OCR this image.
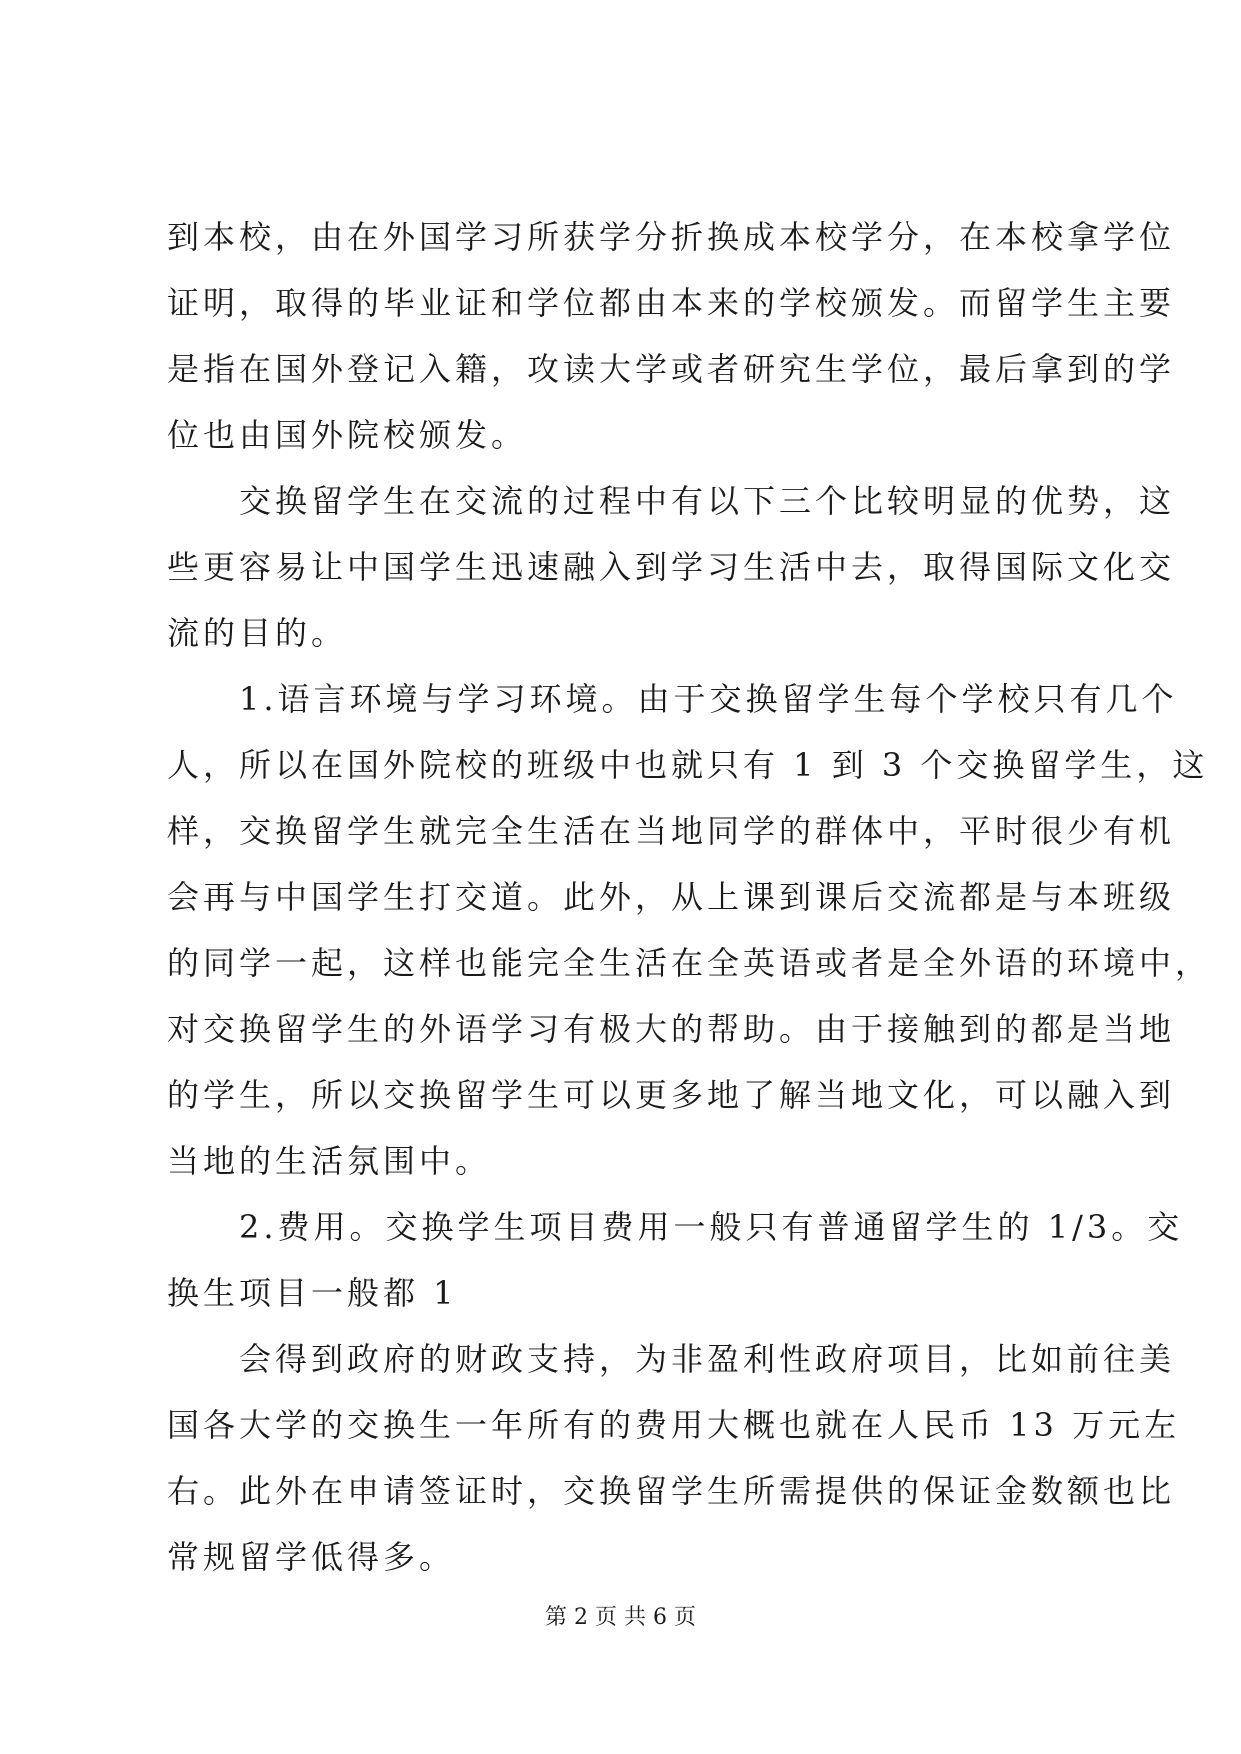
到本校，由在外国学习所获学分折换成本校学分，在本校拿学位
证明，取得的毕业证和学位都由本来的学校颁发。而留学生主要
是指在国外登记入籍，攻读大学或者研究生学位，最后拿到的学
位也由国外院校颁发。
　　交换留学生在交流的过程中有以下三个比较明显的优势，这
些更容易让中国学生迅速融入到学习生活中去，取得国际文化交
流的目的。
　　1.语言环境与学习环境。由于交换留学生每个学校只有几个
人，所以在国外院校的班级中也就只有 1 到 3 个交换留学生，这
样，交换留学生就完全生活在当地同学的群体中，平时很少有机
会再与中国学生打交道。此外，从上课到课后交流都是与本班级
的同学一起，这样也能完全生活在全英语或者是全外语的环境中，
对交换留学生的外语学习有极大的帮助。由于接触到的都是当地
的学生，所以交换留学生可以更多地了解当地文化，可以融入到
当地的生活氛围中。
　　2.费用。交换学生项目费用一般只有普通留学生的 1/3。交
换生项目一般都 1
　　会得到政府的财政支持，为非盈利性政府项目，比如前往美
国各大学的交换生一年所有的费用大概也就在人民币 13 万元左
右。此外在申请签证时，交换留学生所需提供的保证金数额也比
常规留学低得多。
第 2 页 共 6 页
